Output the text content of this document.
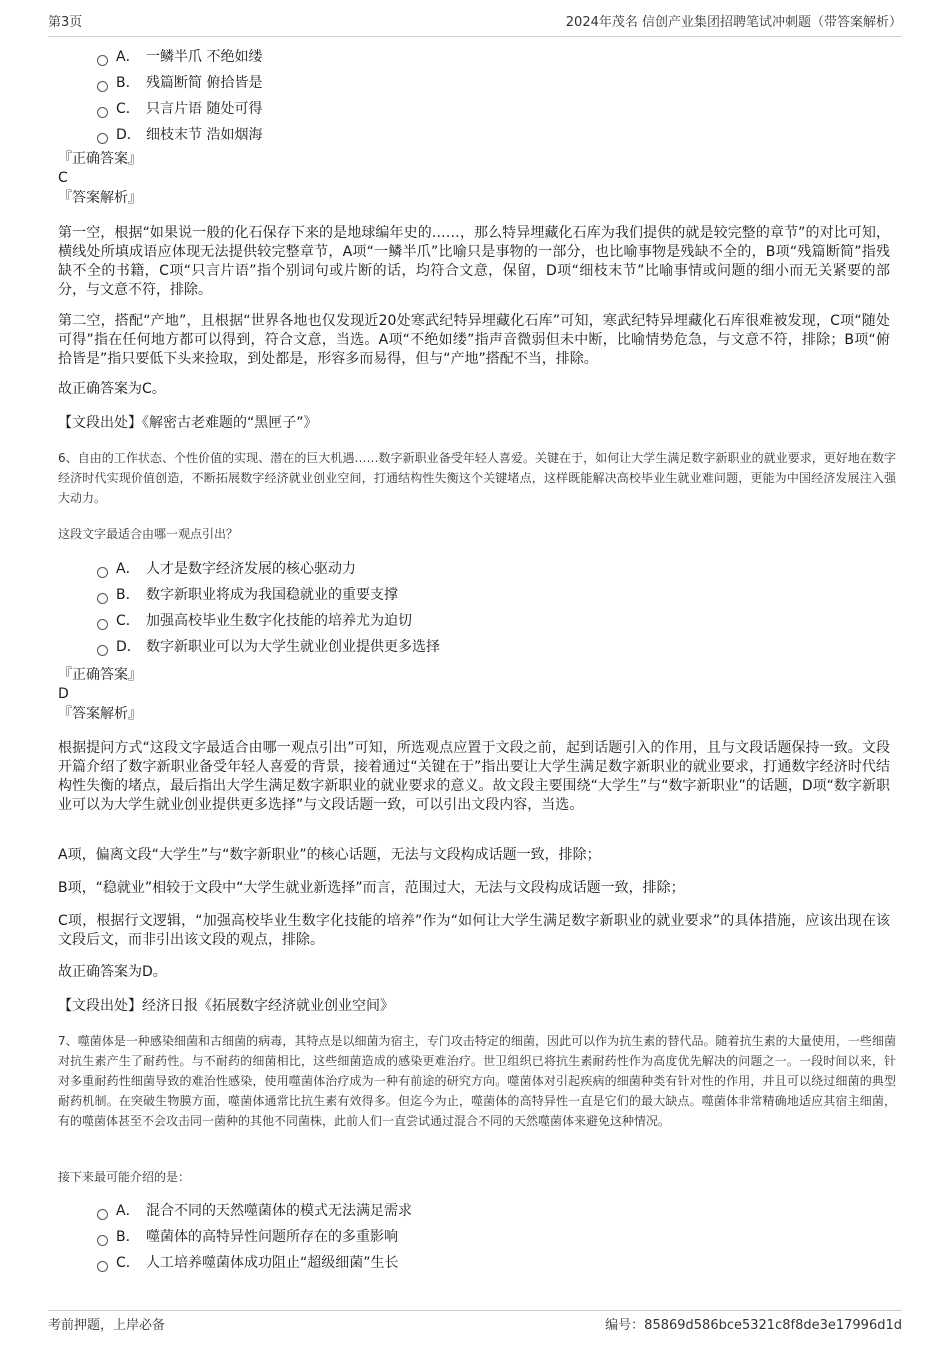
第3页	2024年茂名 信创产业集团招聘笔试冲刺题（带答案解析）
A． 一鳞半爪 不绝如缕
B． 残篇断简 俯拾皆是
C． 只言片语 随处可得
D． 细枝末节 浩如烟海
『正确答案』
C
『答案解析』
第一空，根据“如果说一般的化石保存下来的是地球编年史的……，那么特异埋藏化石库为我们提供的就是较完整的章节”的对比可知，横线处所填成语应体现无法提供较完整章节，A项“一鳞半爪”比喻只是事物的一部分，也比喻事物是残缺不全的，B项“残篇断简”指残缺不全的书籍，C项“只言片语”指个别词句或片断的话，均符合文意，保留，D项“细枝末节”比喻事情或问题的细小而无关紧要的部分，与文意不符，排除。
第二空，搭配“产地”，且根据“世界各地也仅发现近20处寒武纪特异埋藏化石库”可知，寒武纪特异埋藏化石库很难被发现，C项“随处可得”指在任何地方都可以得到，符合文意，当选。A项“不绝如缕”指声音微弱但未中断，比喻情势危急，与文意不符，排除；B项“俯拾皆是”指只要低下头来捡取，到处都是，形容多而易得，但与“产地”搭配不当，排除。
故正确答案为C。
【文段出处】《解密古老难题的“黑匣子”》
6、自由的工作状态、个性价值的实现、潜在的巨大机遇……数字新职业备受年轻人喜爱。关键在于，如何让大学生满足数字新职业的就业要求，更好地在数字经济时代实现价值创造，不断拓展数字经济就业创业空间，打通结构性失衡这个关键堵点，这样既能解决高校毕业生就业难问题，更能为中国经济发展注入强大动力。
这段文字最适合由哪一观点引出？
A． 人才是数字经济发展的核心驱动力
B． 数字新职业将成为我国稳就业的重要支撑
C． 加强高校毕业生数字化技能的培养尤为迫切
D． 数字新职业可以为大学生就业创业提供更多选择
『正确答案』
D
『答案解析』
根据提问方式“这段文字最适合由哪一观点引出”可知，所选观点应置于文段之前，起到话题引入的作用，且与文段话题保持一致。文段开篇介绍了数字新职业备受年轻人喜爱的背景，接着通过“关键在于”指出要让大学生满足数字新职业的就业要求，打通数字经济时代结构性失衡的堵点，最后指出大学生满足数字新职业的就业要求的意义。故文段主要围绕“大学生”与“数字新职业”的话题，D项“数字新职业可以为大学生就业创业提供更多选择”与文段话题一致，可以引出文段内容，当选。
A项，偏离文段“大学生”与“数字新职业”的核心话题，无法与文段构成话题一致，排除；
B项，“稳就业”相较于文段中“大学生就业新选择”而言，范围过大，无法与文段构成话题一致，排除；
C项，根据行文逻辑，“加强高校毕业生数字化技能的培养”作为“如何让大学生满足数字新职业的就业要求”的具体措施，应该出现在该文段后文，而非引出该文段的观点，排除。
故正确答案为D。
【文段出处】经济日报《拓展数字经济就业创业空间》
7、噬菌体是一种感染细菌和古细菌的病毒，其特点是以细菌为宿主，专门攻击特定的细菌，因此可以作为抗生素的替代品。随着抗生素的大量使用，一些细菌对抗生素产生了耐药性。与不耐药的细菌相比，这些细菌造成的感染更难治疗。世卫组织已将抗生素耐药性作为高度优先解决的问题之一。一段时间以来，针对多重耐药性细菌导致的难治性感染，使用噬菌体治疗成为一种有前途的研究方向。噬菌体对引起疾病的细菌种类有针对性的作用，并且可以绕过细菌的典型耐药机制。在突破生物膜方面，噬菌体通常比抗生素有效得多。但迄今为止，噬菌体的高特异性一直是它们的最大缺点。噬菌体非常精确地适应其宿主细菌，有的噬菌体甚至不会攻击同一菌种的其他不同菌株，此前人们一直尝试通过混合不同的天然噬菌体来避免这种情况。
接下来最可能介绍的是：
A． 混合不同的天然噬菌体的模式无法满足需求
B． 噬菌体的高特异性问题所存在的多重影响
C． 人工培养噬菌体成功阻止“超级细菌”生长
考前押题，上岸必备	编号：85869d586bce5321c8f8de3e17996d1d
